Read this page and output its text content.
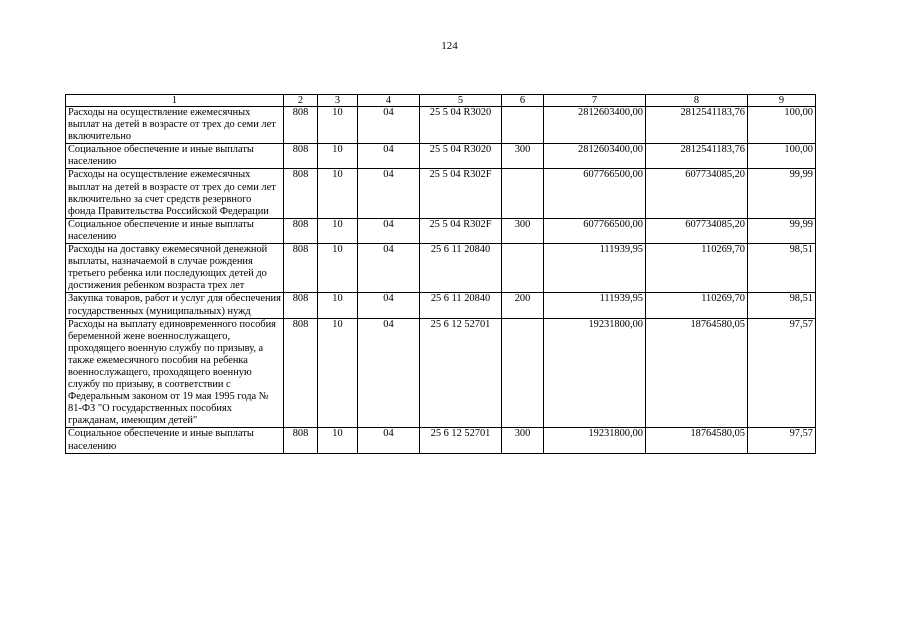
124
1	2	3	4	5	6	7	8	9
Расходы на осуществление ежемесячных выплат на детей в возрасте от трех до семи лет включительно	808	10	04	25 5 04 R3020		2812603400,00	2812541183,76	100,00
Социальное обеспечение и иные выплаты населению	808	10	04	25 5 04 R3020	300	2812603400,00	2812541183,76	100,00
Расходы на осуществление ежемесячных выплат на детей в возрасте от трех до семи лет включительно за счет средств резервного фонда Правительства Российской Федерации	808	10	04	25 5 04 R302F		607766500,00	607734085,20	99,99
Социальное обеспечение и иные выплаты населению	808	10	04	25 5 04 R302F	300	607766500,00	607734085,20	99,99
Расходы на доставку ежемесячной денежной выплаты, назначаемой в случае рождения третьего ребенка или последующих детей до достижения ребенком возраста трех лет	808	10	04	25 6 11 20840		111939,95	110269,70	98,51
Закупка товаров, работ и услуг для обеспечения государственных (муниципальных) нужд	808	10	04	25 6 11 20840	200	111939,95	110269,70	98,51
Расходы на выплату единовременного пособия беременной жене военнослужащего, проходящего военную службу по призыву, а также ежемесячного пособия на ребенка военнослужащего, проходящего военную службу по призыву, в соответствии с Федеральным законом от 19 мая 1995 года № 81-ФЗ "О государственных пособиях гражданам, имеющим детей"	808	10	04	25 6 12 52701		19231800,00	18764580,05	97,57
Социальное обеспечение и иные выплаты населению	808	10	04	25 6 12 52701	300	19231800,00	18764580,05	97,57
